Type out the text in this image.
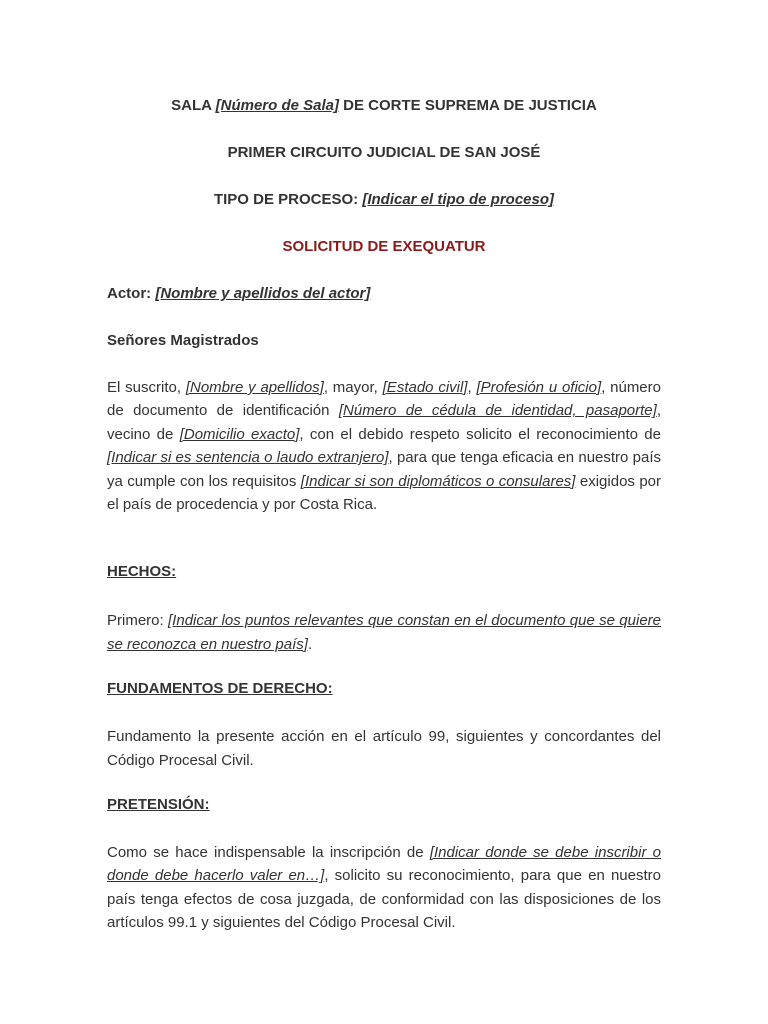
SALA [Número de Sala] DE CORTE SUPREMA DE JUSTICIA

PRIMER CIRCUITO JUDICIAL DE SAN JOSÉ

TIPO DE PROCESO: [Indicar el tipo de proceso]

SOLICITUD DE EXEQUATUR

Actor: [Nombre y apellidos del actor]

Señores Magistrados

El suscrito, [Nombre y apellidos], mayor, [Estado civil], [Profesión u oficio], número de documento de identificación [Número de cédula de identidad, pasaporte], vecino de [Domicilio exacto], con el debido respeto solicito el reconocimiento de [Indicar si es sentencia o laudo extranjero], para que tenga eficacia en nuestro país ya cumple con los requisitos [Indicar si son diplomáticos o consulares] exigidos por el país de procedencia y por Costa Rica.

HECHOS:

Primero: [Indicar los puntos relevantes que constan en el documento que se quiere se reconozca en nuestro país].

FUNDAMENTOS DE DERECHO:

Fundamento la presente acción en el artículo 99, siguientes y concordantes del Código Procesal Civil.

PRETENSIÓN:

Como se hace indispensable la inscripción de [Indicar donde se debe inscribir o donde debe hacerlo valer en…], solicito su reconocimiento, para que en nuestro país tenga efectos de cosa juzgada, de conformidad con las disposiciones de los artículos 99.1 y siguientes del Código Procesal Civil.
